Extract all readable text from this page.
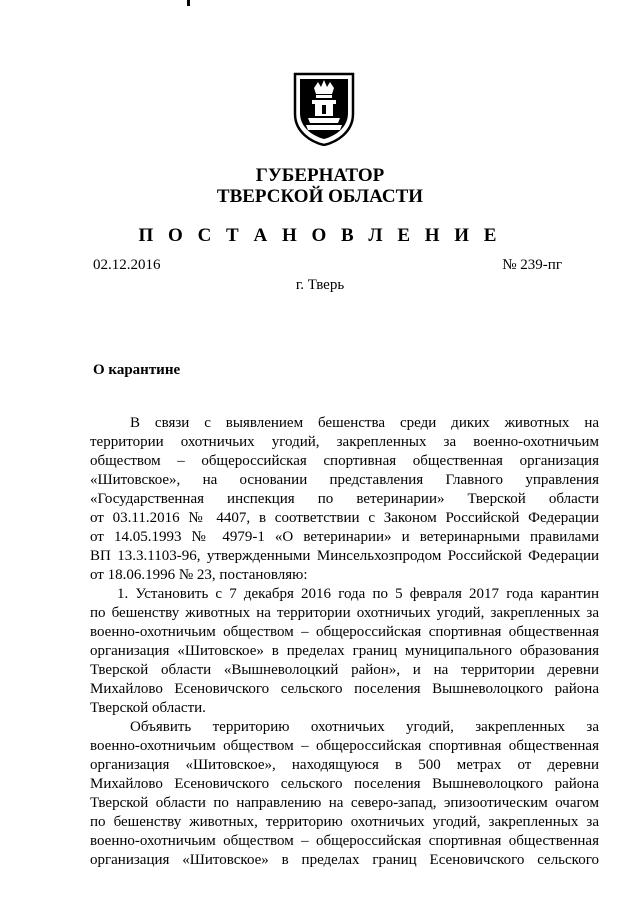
ГУБЕРНАТОР
ТВЕРСКОЙ ОБЛАСТИ
П О С Т А Н О В Л Е Н И Е
02.12.2016	№ 239-пг
г. Тверь
О карантине
В связи с выявлением бешенства среди диких животных на
территории охотничьих угодий, закрепленных за военно-охотничьим
обществом – общероссийская спортивная общественная организация
«Шитовское», на основании представления Главного управления
«Государственная инспекция по ветеринарии» Тверской области
от 03.11.2016 № 4407, в соответствии с Законом Российской Федерации
от 14.05.1993 № 4979-1 «О ветеринарии» и ветеринарными правилами
ВП 13.3.1103-96, утвержденными Минсельхозпродом Российской Федерации
от 18.06.1996 № 23, постановляю:
1. Установить с 7 декабря 2016 года по 5 февраля 2017 года карантин
по бешенству животных на территории охотничьих угодий, закрепленных за
военно-охотничьим обществом – общероссийская спортивная общественная
организация «Шитовское» в пределах границ муниципального образования
Тверской области «Вышневолоцкий район», и на территории деревни
Михайлово Есеновичского сельского поселения Вышневолоцкого района
Тверской области.
Объявить территорию охотничьих угодий, закрепленных за
военно-охотничьим обществом – общероссийская спортивная общественная
организация «Шитовское», находящуюся в 500 метрах от деревни
Михайлово Есеновичского сельского поселения Вышневолоцкого района
Тверской области по направлению на северо-запад, эпизоотическим очагом
по бешенству животных, территорию охотничьих угодий, закрепленных за
военно-охотничьим обществом – общероссийская спортивная общественная
организация «Шитовское» в пределах границ Есеновичского сельского
